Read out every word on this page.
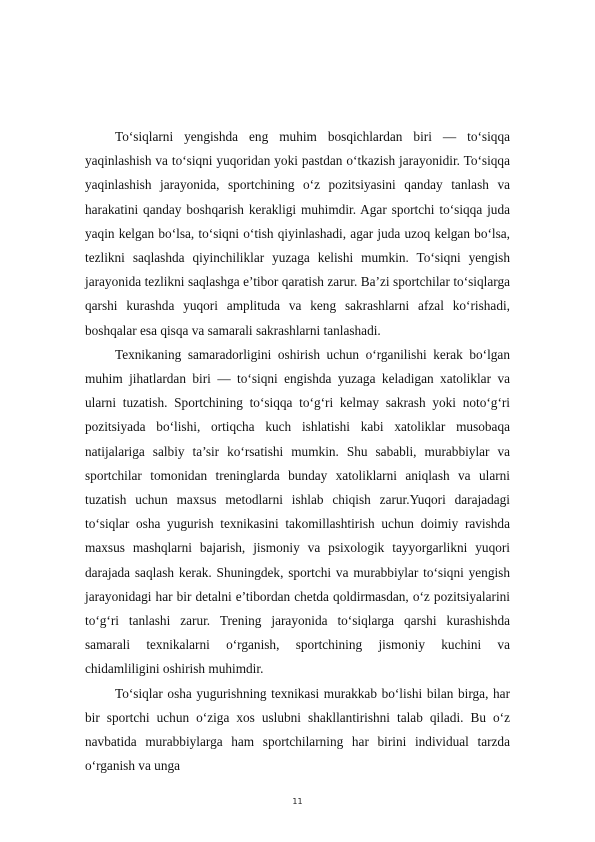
To‘siqlarni yengishda eng muhim bosqichlardan biri — to‘siqqa yaqinlashish va to‘siqni yuqoridan yoki pastdan o‘tkazish jarayonidir. To‘siqqa yaqinlashish jarayonida, sportchining o‘z pozitsiyasini qanday tanlash va harakatini qanday boshqarish kerakligi muhimdir. Agar sportchi to‘siqqa juda yaqin kelgan bo‘lsa, to‘siqni o‘tish qiyinlashadi, agar juda uzoq kelgan bo‘lsa, tezlikni saqlashda qiyinchiliklar yuzaga kelishi mumkin. To‘siqni yengish jarayonida tezlikni saqlashga e’tibor qaratish zarur. Ba’zi sportchilar to‘siqlarga qarshi kurashda yuqori amplituda va keng sakrashlarni afzal ko‘rishadi, boshqalar esa qisqa va samarali sakrashlarni tanlashadi.

Texnikaning samaradorligini oshirish uchun o‘rganilishi kerak bo‘lgan muhim jihatlardan biri — to‘siqni engishda yuzaga keladigan xatoliklar va ularni tuzatish. Sportchining to‘siqqa to‘g‘ri kelmay sakrash yoki noto‘g‘ri pozitsiyada bo‘lishi, ortiqcha kuch ishlatishi kabi xatoliklar musobaqa natijalariga salbiy ta’sir ko‘rsatishi mumkin. Shu sababli, murabbiylar va sportchilar tomonidan treninglarda bunday xatoliklarni aniqlash va ularni tuzatish uchun maxsus metodlarni ishlab chiqish zarur.Yuqori darajadagi to‘siqlar osha yugurish texnikasini takomillashtirish uchun doimiy ravishda maxsus mashqlarni bajarish, jismoniy va psixologik tayyorgarlikni yuqori darajada saqlash kerak. Shuningdek, sportchi va murabbiylar to‘siqni yengish jarayonidagi har bir detalni e’tibordan chetda qoldirmasdan, o‘z pozitsiyalarini to‘g‘ri tanlashi zarur. Trening jarayonida to‘siqlarga qarshi kurashishda samarali texnikalarni o‘rganish, sportchining jismoniy kuchini va chidamliligini oshirish muhimdir.

To‘siqlar osha yugurishning texnikasi murakkab bo‘lishi bilan birga, har bir sportchi uchun o‘ziga xos uslubni shakllantirishni talab qiladi. Bu o‘z navbatida murabbiylarga ham sportchilarning har birini individual tarzda o‘rganish va unga

11
